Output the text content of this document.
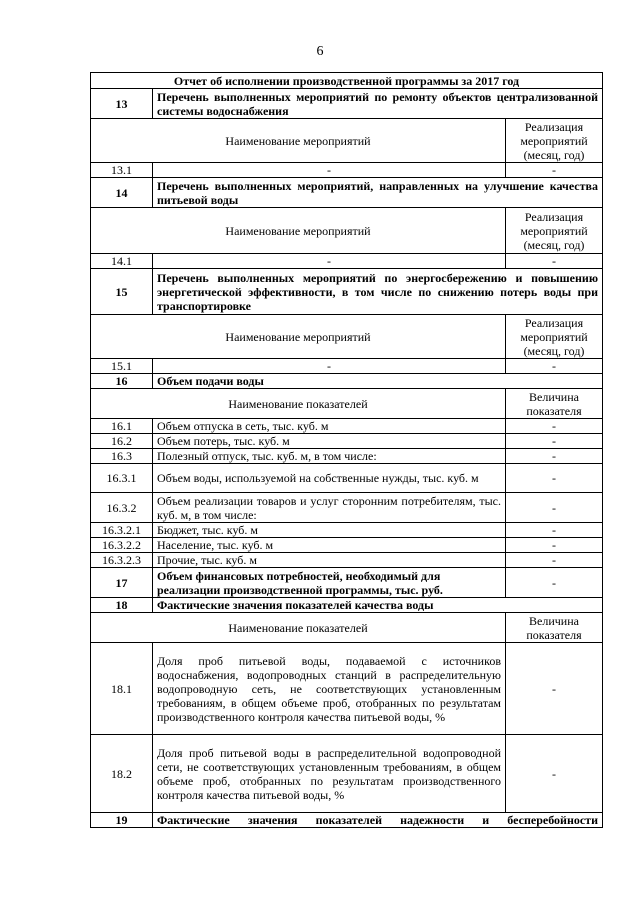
6
Отчет об исполнении производственной программы за 2017 год		
13	Перечень выполненных мероприятий по ремонту объектов централизованной системы водоснабжения	
Наименование мероприятий		Реализация мероприятий (месяц, год)
13.1	-	-
14	Перечень выполненных мероприятий, направленных на улучшение качества питьевой воды	
Наименование мероприятий		Реализация мероприятий (месяц, год)
14.1	-	-
15	Перечень выполненных мероприятий по энергосбережению и повышению энергетической эффективности, в том числе по снижению потерь воды при транспортировке	
Наименование мероприятий		Реализация мероприятий (месяц, год)
15.1	-	-
16	Объем подачи воды	
Наименование показателей		Величина показателя
16.1	Объем отпуска в сеть, тыс. куб. м	-
16.2	Объем потерь, тыс. куб. м	-
16.3	Полезный отпуск, тыс. куб. м, в том числе:	-
16.3.1	Объем воды, используемой на собственные нужды, тыс. куб. м	-
16.3.2	Объем реализации товаров и услуг сторонним потребителям, тыс. куб. м, в том числе:	-
16.3.2.1	Бюджет, тыс. куб. м	-
16.3.2.2	Население, тыс. куб. м	-
16.3.2.3	Прочие, тыс. куб. м	-
17	Объем финансовых потребностей, необходимый для реализации производственной программы, тыс. руб.	-
18	Фактические значения показателей качества воды	
Наименование показателей		Величина показателя
18.1	Доля проб питьевой воды, подаваемой с источников водоснабжения, водопроводных станций в распределительную водопроводную сеть, не соответствующих установленным требованиям, в общем объеме проб, отобранных по результатам производственного контроля качества питьевой воды, %	-
18.2	Доля проб питьевой воды в распределительной водопроводной сети, не соответствующих установленным требованиям, в общем объеме проб, отобранных по результатам производственного контроля качества питьевой воды, %	-
19	Фактические значения показателей надежности и бесперебойности	
